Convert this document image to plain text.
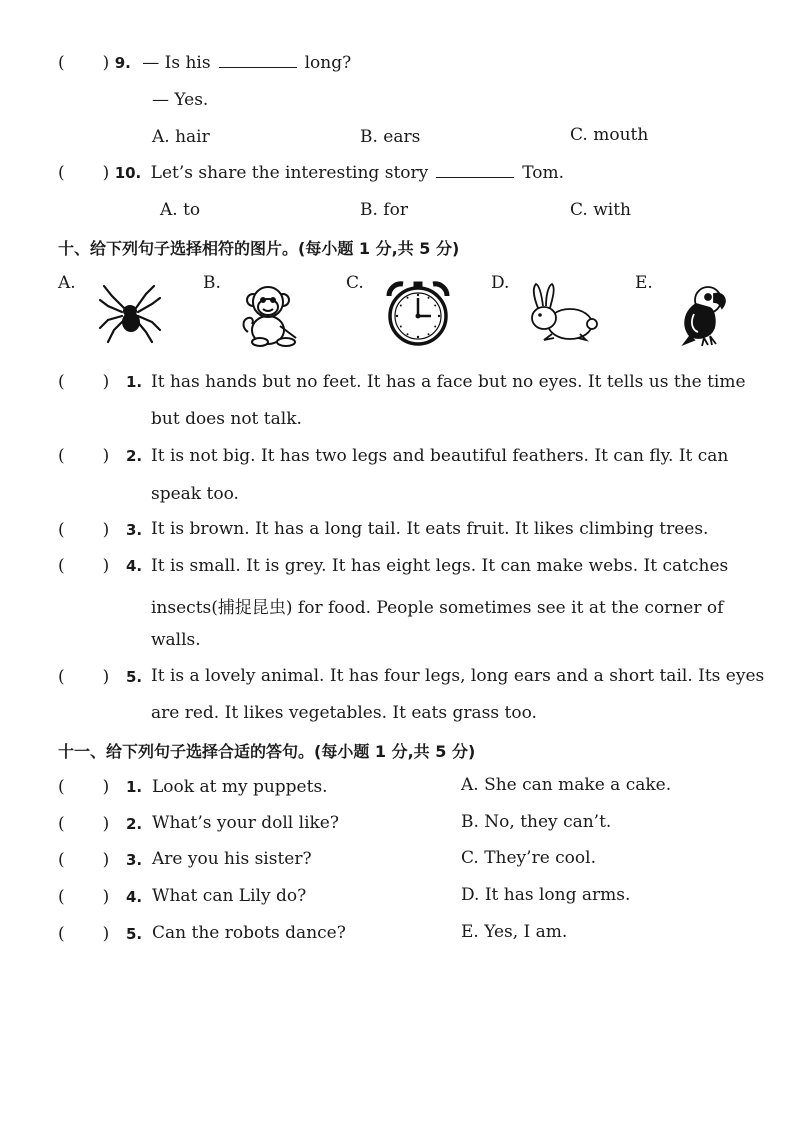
( ) 9. — Is his	long?
— Yes.
A. hair	B. ears	C. mouth
( ) 10. Let’s share the interesting story	Tom.
A. to	B. for	C. with
十、给下列句子选择相符的图片。(每小题 1 分,共 5 分)
A.	B.	C.	D.	E.
( ) 1. It has hands but no feet. It has a face but no eyes. It tells us the time
but does not talk.
( ) 2. It is not big. It has two legs and beautiful feathers. It can fly. It can
speak too.
( ) 3. It is brown. It has a long tail. It eats fruit. It likes climbing trees.
( ) 4. It is small. It is grey. It has eight legs. It can make webs. It catches
insects(捕捉昆虫) for food. People sometimes see it at the corner of
walls.
( ) 5. It is a lovely animal. It has four legs, long ears and a short tail. Its eyes
are red. It likes vegetables. It eats grass too.
十一、给下列句子选择合适的答句。(每小题 1 分,共 5 分)
( ) 1. Look at my puppets.	A. She can make a cake.
( ) 2. What’s your doll like?	B. No, they can’t.
( ) 3. Are you his sister?	C. They’re cool.
( ) 4. What can Lily do?	D. It has long arms.
( ) 5. Can the robots dance?	E. Yes, I am.
